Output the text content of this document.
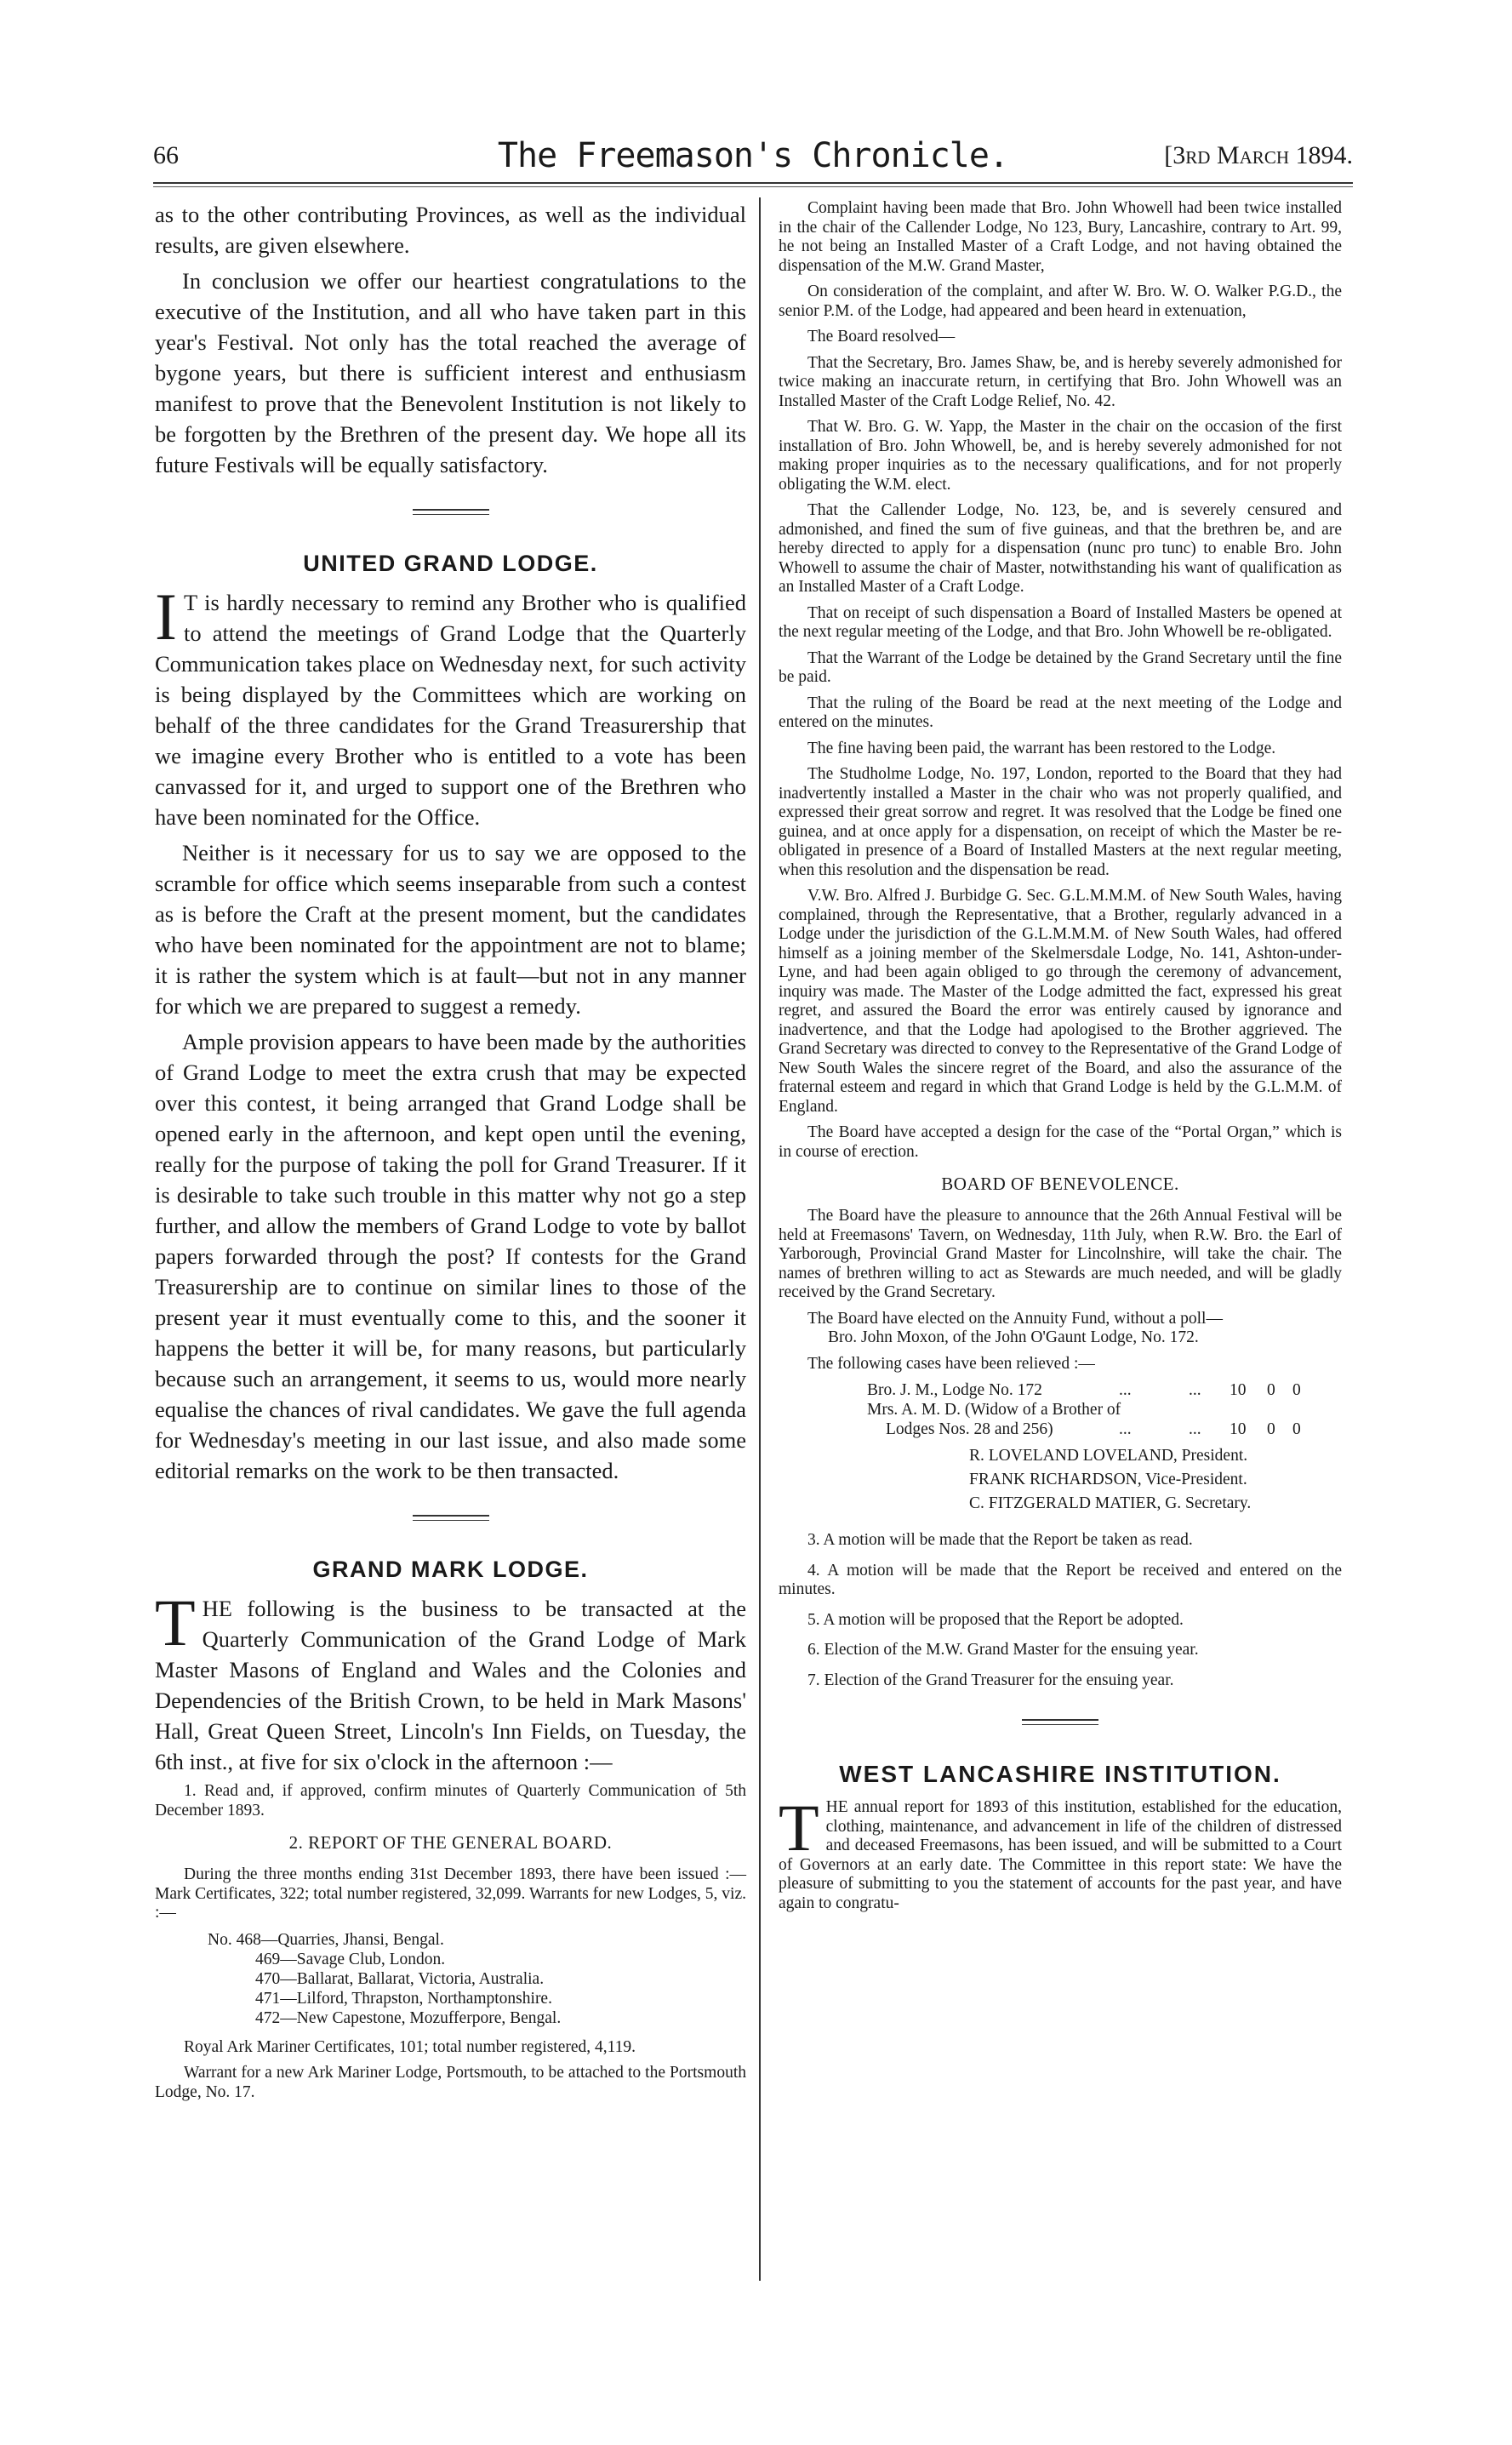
66	The Freemason's Chronicle.	[3rd March 1894.

as to the other contributing Provinces, as well as the individual results, are given elsewhere.

In conclusion we offer our heartiest congratulations to the executive of the Institution, and all who have taken part in this year's Festival. Not only has the total reached the average of bygone years, but there is sufficient interest and enthusiasm manifest to prove that the Benevolent Institution is not likely to be forgotten by the Brethren of the present day. We hope all its future Festivals will be equally satisfactory.

UNITED GRAND LODGE.

I T is hardly necessary to remind any Brother who is qualified to attend the meetings of Grand Lodge that the Quarterly Communication takes place on Wednesday next, for such activity is being displayed by the Committees which are working on behalf of the three candidates for the Grand Treasurership that we imagine every Brother who is entitled to a vote has been canvassed for it, and urged to support one of the Brethren who have been nominated for the Office.

Neither is it necessary for us to say we are opposed to the scramble for office which seems inseparable from such a contest as is before the Craft at the present moment, but the candidates who have been nominated for the appointment are not to blame; it is rather the system which is at fault—but not in any manner for which we are prepared to suggest a remedy.

Ample provision appears to have been made by the authorities of Grand Lodge to meet the extra crush that may be expected over this contest, it being arranged that Grand Lodge shall be opened early in the afternoon, and kept open until the evening, really for the purpose of taking the poll for Grand Treasurer. If it is desirable to take such trouble in this matter why not go a step further, and allow the members of Grand Lodge to vote by ballot papers forwarded through the post? If contests for the Grand Treasurership are to continue on similar lines to those of the present year it must eventually come to this, and the sooner it happens the better it will be, for many reasons, but particularly because such an arrangement, it seems to us, would more nearly equalise the chances of rival candidates. We gave the full agenda for Wednesday's meeting in our last issue, and also made some editorial remarks on the work to be then transacted.

GRAND MARK LODGE.

THE following is the business to be transacted at the Quarterly Communication of the Grand Lodge of Mark Master Masons of England and Wales and the Colonies and Dependencies of the British Crown, to be held in Mark Masons' Hall, Great Queen Street, Lincoln's Inn Fields, on Tuesday, the 6th inst., at five for six o'clock in the afternoon :—

1. Read and, if approved, confirm minutes of Quarterly Communication of 5th December 1893.

2. REPORT OF THE GENERAL BOARD.

During the three months ending 31st December 1893, there have been issued :—Mark Certificates, 322; total number registered, 32,099. Warrants for new Lodges, 5, viz. :—

No. 468—Quarries, Jhansi, Bengal.
469—Savage Club, London.
470—Ballarat, Ballarat, Victoria, Australia.
471—Lilford, Thrapston, Northamptonshire.
472—New Capestone, Mozufferpore, Bengal.

Royal Ark Mariner Certificates, 101; total number registered, 4,119.

Warrant for a new Ark Mariner Lodge, Portsmouth, to be attached to the Portsmouth Lodge, No. 17.

Complaint having been made that Bro. John Whowell had been twice installed in the chair of the Callender Lodge, No 123, Bury, Lancashire, contrary to Art. 99, he not being an Installed Master of a Craft Lodge, and not having obtained the dispensation of the M.W. Grand Master,

On consideration of the complaint, and after W. Bro. W. O. Walker P.G.D., the senior P.M. of the Lodge, had appeared and been heard in extenuation,

The Board resolved—

That the Secretary, Bro. James Shaw, be, and is hereby severely admonished for twice making an inaccurate return, in certifying that Bro. John Whowell was an Installed Master of the Craft Lodge Relief, No. 42.

That W. Bro. G. W. Yapp, the Master in the chair on the occasion of the first installation of Bro. John Whowell, be, and is hereby severely admonished for not making proper inquiries as to the necessary qualifications, and for not properly obligating the W.M. elect.

That the Callender Lodge, No. 123, be, and is severely censured and admonished, and fined the sum of five guineas, and that the brethren be, and are hereby directed to apply for a dispensation (nunc pro tunc) to enable Bro. John Whowell to assume the chair of Master, notwithstanding his want of qualification as an Installed Master of a Craft Lodge.

That on receipt of such dispensation a Board of Installed Masters be opened at the next regular meeting of the Lodge, and that Bro. John Whowell be re-obligated.

That the Warrant of the Lodge be detained by the Grand Secretary until the fine be paid.

That the ruling of the Board be read at the next meeting of the Lodge and entered on the minutes.

The fine having been paid, the warrant has been restored to the Lodge.

The Studholme Lodge, No. 197, London, reported to the Board that they had inadvertently installed a Master in the chair who was not properly qualified, and expressed their great sorrow and regret. It was resolved that the Lodge be fined one guinea, and at once apply for a dispensation, on receipt of which the Master be re-obligated in presence of a Board of Installed Masters at the next regular meeting, when this resolution and the dispensation be read.

V.W. Bro. Alfred J. Burbidge G. Sec. G.L.M.M.M. of New South Wales, having complained, through the Representative, that a Brother, regularly advanced in a Lodge under the jurisdiction of the G.L.M.M.M. of New South Wales, had offered himself as a joining member of the Skelmersdale Lodge, No. 141, Ashton-under-Lyne, and had been again obliged to go through the ceremony of advancement, inquiry was made. The Master of the Lodge admitted the fact, expressed his great regret, and assured the Board the error was entirely caused by ignorance and inadvertence, and that the Lodge had apologised to the Brother aggrieved. The Grand Secretary was directed to convey to the Representative of the Grand Lodge of New South Wales the sincere regret of the Board, and also the assurance of the fraternal esteem and regard in which that Grand Lodge is held by the G.L.M.M. of England.

The Board have accepted a design for the case of the “Portal Organ,” which is in course of erection.

BOARD OF BENEVOLENCE.

The Board have the pleasure to announce that the 26th Annual Festival will be held at Freemasons' Tavern, on Wednesday, 11th July, when R.W. Bro. the Earl of Yarborough, Provincial Grand Master for Lincolnshire, will take the chair. The names of brethren willing to act as Stewards are much needed, and will be gladly received by the Grand Secretary.

The Board have elected on the Annuity Fund, without a poll—

Bro. John Moxon, of the John O'Gaunt Lodge, No. 172.

The following cases have been relieved :—

Bro. J. M., Lodge No. 172	...	... 10 0 0
Mrs. A. M. D. (Widow of a Brother of
Lodges Nos. 28 and 256)	...	... 10 0 0
R. LOVELAND LOVELAND, President.
FRANK RICHARDSON, Vice-President.
C. FITZGERALD MATIER, G. Secretary.
3. A motion will be made that the Report be taken as read.
4. A motion will be made that the Report be received and entered on the minutes.
5. A motion will be proposed that the Report be adopted.
6. Election of the M.W. Grand Master for the ensuing year.
7. Election of the Grand Treasurer for the ensuing year.
WEST LANCASHIRE INSTITUTION.

THE annual report for 1893 of this institution, established for the education, clothing, maintenance, and advancement in life of the children of distressed and deceased Freemasons, has been issued, and will be submitted to a Court of Governors at an early date. The Committee in this report state: We have the pleasure of submitting to you the statement of accounts for the past year, and have again to congratu-
